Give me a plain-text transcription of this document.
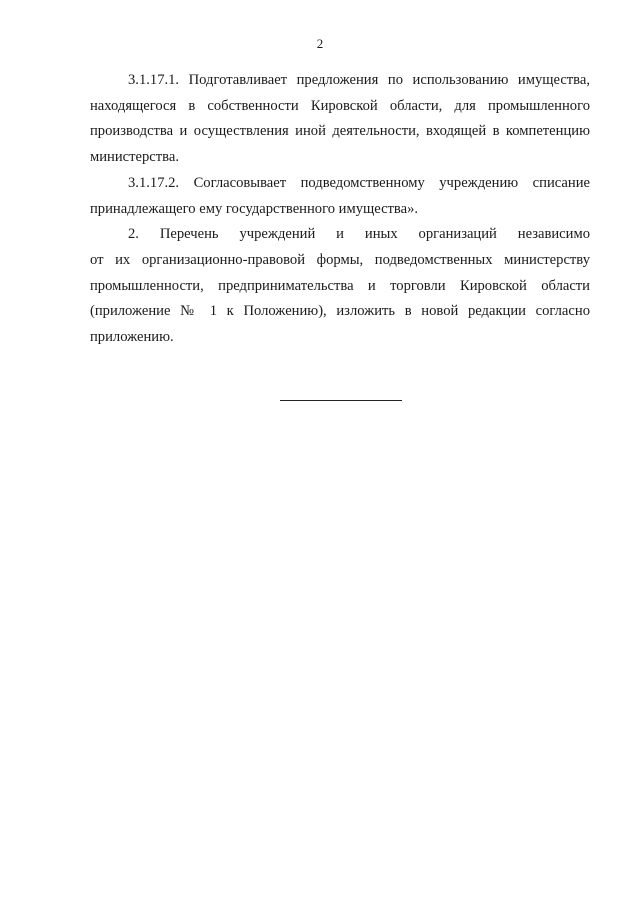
2

3.1.17.1. Подготавливает предложения по использованию имущества,
находящегося в собственности Кировской области, для промышленного
производства и осуществления иной деятельности, входящей в компетенцию
министерства.

3.1.17.2. Согласовывает подведомственному учреждению списание
принадлежащего ему государственного имущества».

2. Перечень учреждений и иных организаций независимо
от их организационно-правовой формы, подведомственных министерству
промышленности, предпринимательства и торговли Кировской области
(приложение № 1 к Положению), изложить в новой редакции согласно
приложению.
